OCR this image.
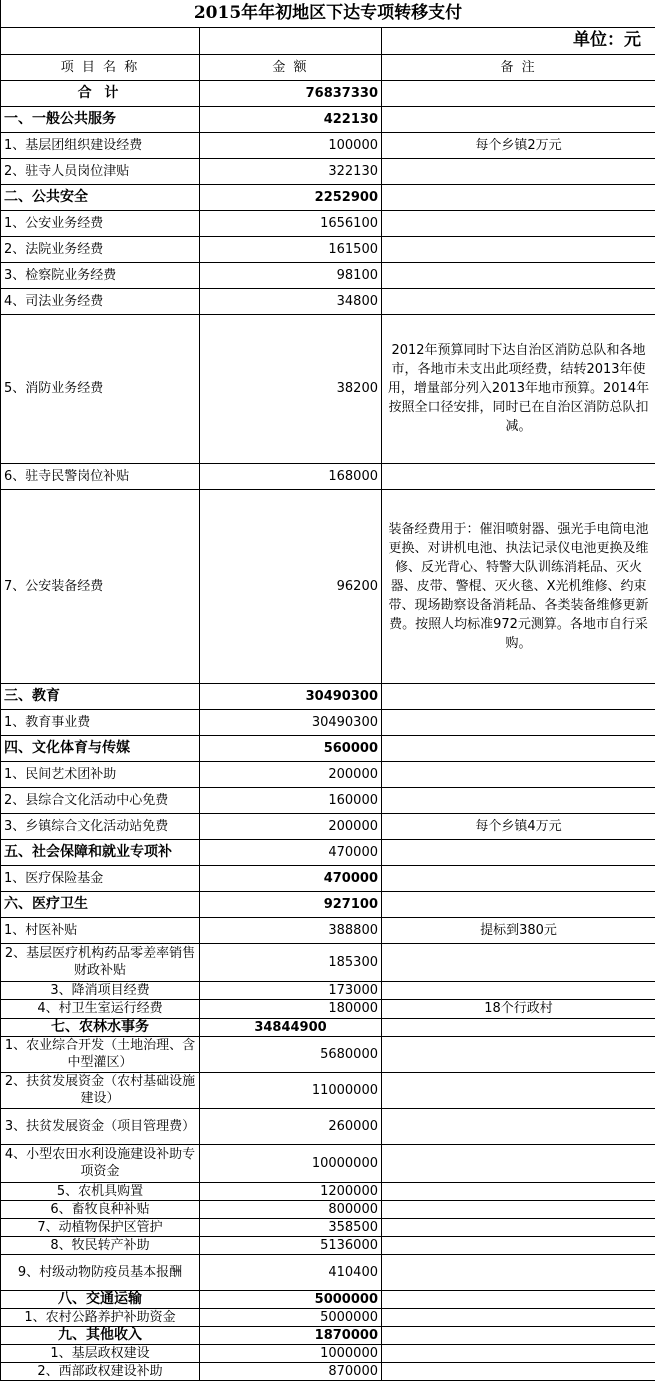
2015年年初地区下达专项转移支付		
		单位：元
项 目 名 称	金 额	备 注
合 计	76837330	
一、一般公共服务	422130	
1、基层团组织建设经费	100000	每个乡镇2万元
2、驻寺人员岗位津贴	322130	
二、公共安全	2252900	
1、公安业务经费	1656100	
2、法院业务经费	161500	
3、检察院业务经费	98100	
4、司法业务经费	34800	
5、消防业务经费	38200	2012年预算同时下达自治区消防总队和各地市，各地市未支出此项经费，结转2013年使用，增量部分列入2013年地市预算。2014年按照全口径安排，同时已在自治区消防总队扣减。
6、驻寺民警岗位补贴	168000	
7、公安装备经费	96200	装备经费用于：催泪喷射器、强光手电筒电池更换、对讲机电池、执法记录仪电池更换及维修、反光背心、特警大队训练消耗品、灭火器、皮带、警棍、灭火毯、X光机维修、约束带、现场勘察设备消耗品、各类装备维修更新费。按照人均标准972元测算。各地市自行采购。
三、教育	30490300	
1、教育事业费	30490300	
四、文化体育与传媒	560000	
1、民间艺术团补助	200000	
2、县综合文化活动中心免费	160000	
3、乡镇综合文化活动站免费	200000	每个乡镇4万元
五、社会保障和就业专项补	470000	
1、医疗保险基金	470000	
六、医疗卫生	927100	
1、村医补贴	388800	提标到380元
2、基层医疗机构药品零差率销售财政补贴	185300	
3、降消项目经费	173000	
4、村卫生室运行经费	180000	18个行政村
七、农林水事务	34844900	
1、农业综合开发（土地治理、含中型灌区）	5680000	
2、扶贫发展资金（农村基础设施建设）	11000000	
3、扶贫发展资金（项目管理费）	260000	
4、小型农田水利设施建设补助专项资金	10000000	
5、农机具购置	1200000	
6、畜牧良种补贴	800000	
7、动植物保护区管护	358500	
8、牧民转产补助	5136000	
9、村级动物防疫员基本报酬	410400	
八、交通运输	5000000	
1、农村公路养护补助资金	5000000	
九、其他收入	1870000	
1、基层政权建设	1000000	
2、西部政权建设补助	870000	
